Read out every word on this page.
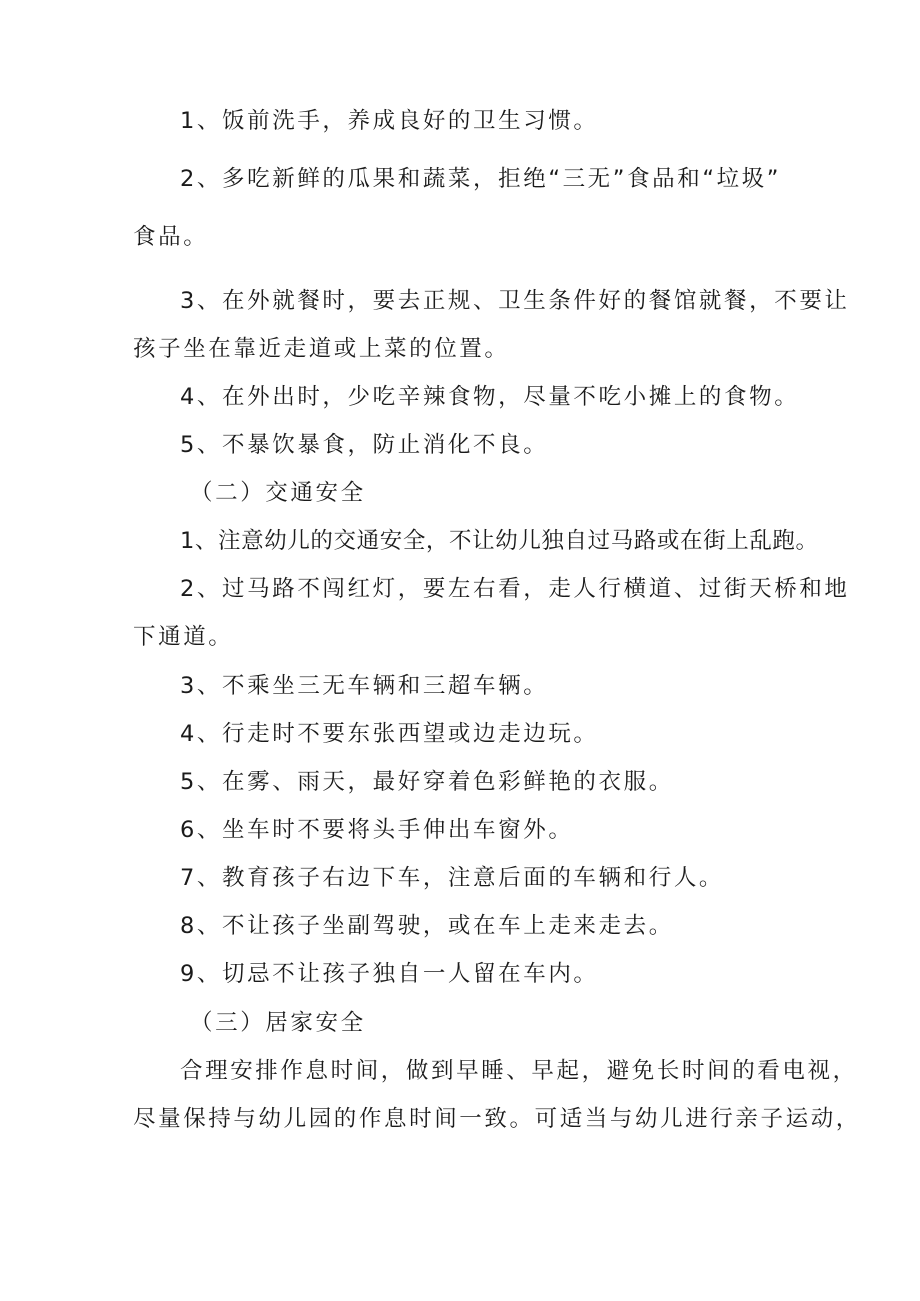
1、饭前洗手，养成良好的卫生习惯。
2、多吃新鲜的瓜果和蔬菜，拒绝“三无”食品和“垃圾”
食品。
3、在外就餐时，要去正规、卫生条件好的餐馆就餐，不要让
孩子坐在靠近走道或上菜的位置。
4、在外出时，少吃辛辣食物，尽量不吃小摊上的食物。
5、不暴饮暴食，防止消化不良。
（二）交通安全
1、注意幼儿的交通安全，不让幼儿独自过马路或在街上乱跑。
2、过马路不闯红灯，要左右看，走人行横道、过街天桥和地
下通道。
3、不乘坐三无车辆和三超车辆。
4、行走时不要东张西望或边走边玩。
5、在雾、雨天，最好穿着色彩鲜艳的衣服。
6、坐车时不要将头手伸出车窗外。
7、教育孩子右边下车，注意后面的车辆和行人。
8、不让孩子坐副驾驶，或在车上走来走去。
9、切忌不让孩子独自一人留在车内。
（三）居家安全
合理安排作息时间，做到早睡、早起，避免长时间的看电视，
尽量保持与幼儿园的作息时间一致。可适当与幼儿进行亲子运动，
